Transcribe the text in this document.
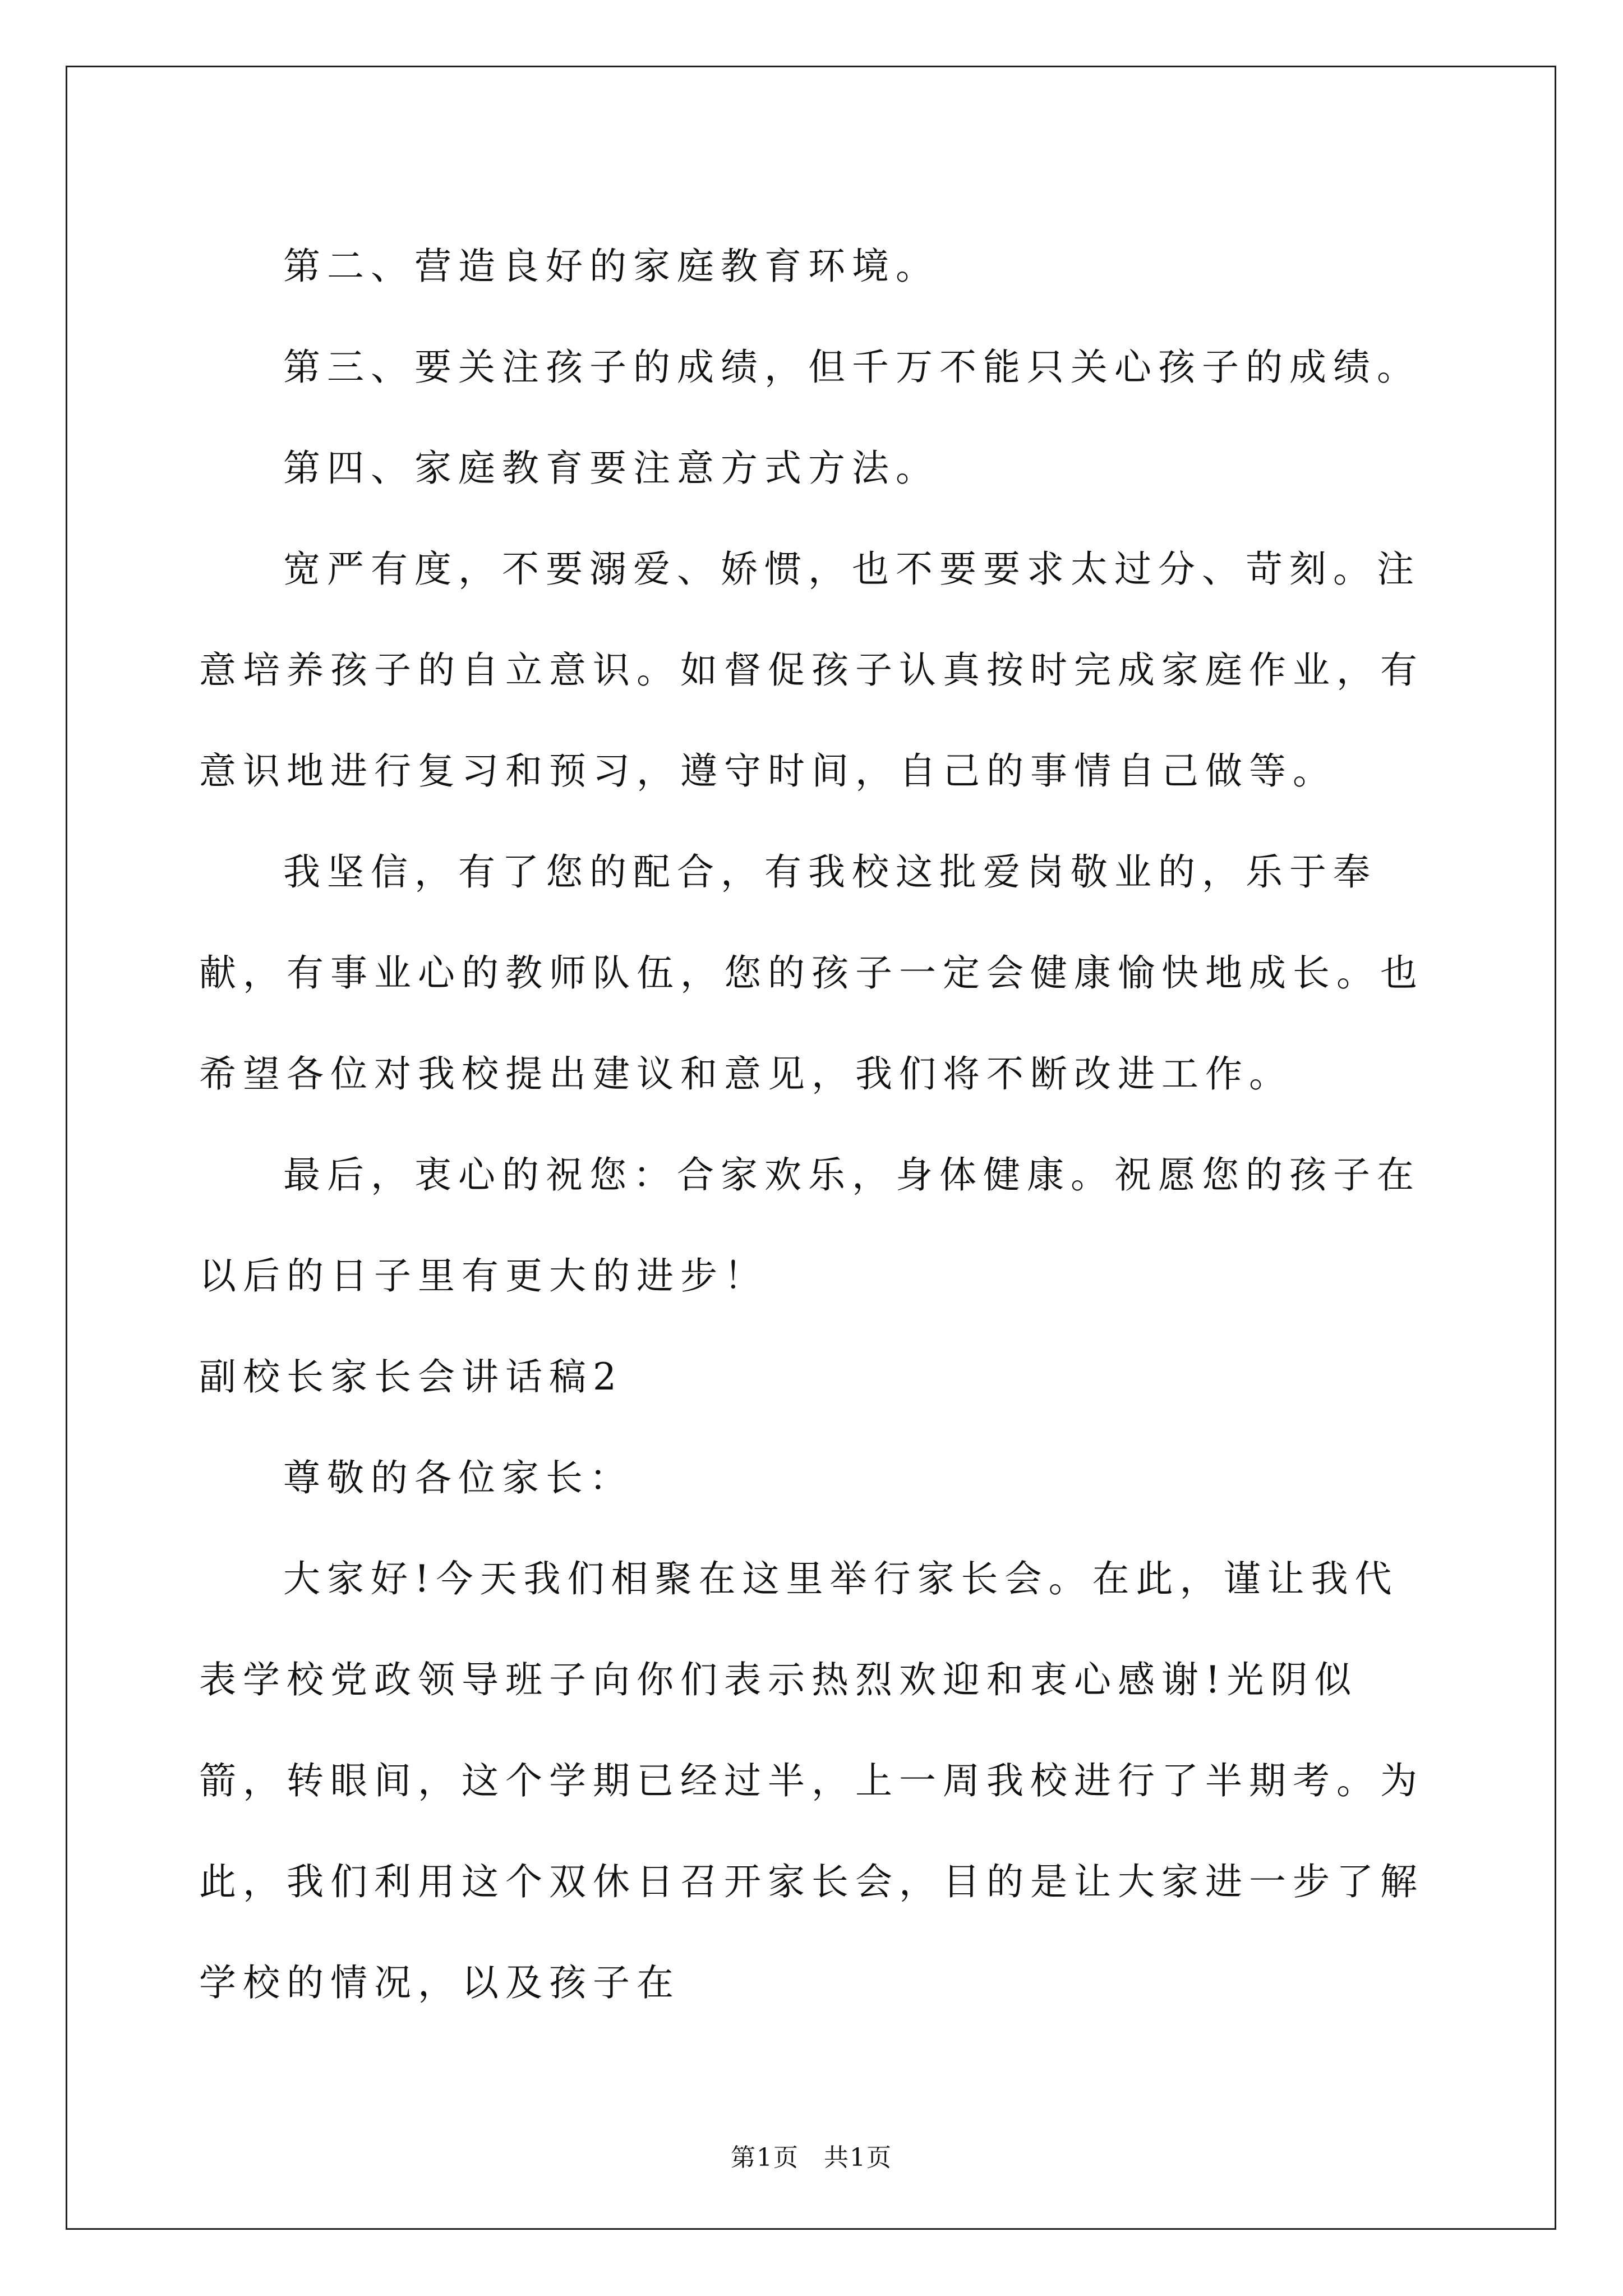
第二、营造良好的家庭教育环境。

第三、要关注孩子的成绩，但千万不能只关心孩子的成绩。

第四、家庭教育要注意方式方法。

宽严有度，不要溺爱、娇惯，也不要要求太过分、苛刻。注意培养孩子的自立意识。如督促孩子认真按时完成家庭作业，有意识地进行复习和预习，遵守时间，自己的事情自己做等。

我坚信，有了您的配合，有我校这批爱岗敬业的，乐于奉献，有事业心的教师队伍，您的孩子一定会健康愉快地成长。也希望各位对我校提出建议和意见，我们将不断改进工作。

最后，衷心的祝您：合家欢乐，身体健康。祝愿您的孩子在以后的日子里有更大的进步！

副校长家长会讲话稿2

尊敬的各位家长：

大家好!今天我们相聚在这里举行家长会。在此，谨让我代表学校党政领导班子向你们表示热烈欢迎和衷心感谢!光阴似箭，转眼间，这个学期已经过半，上一周我校进行了半期考。为此，我们利用这个双休日召开家长会，目的是让大家进一步了解学校的情况，以及孩子在

第1页 共1页
